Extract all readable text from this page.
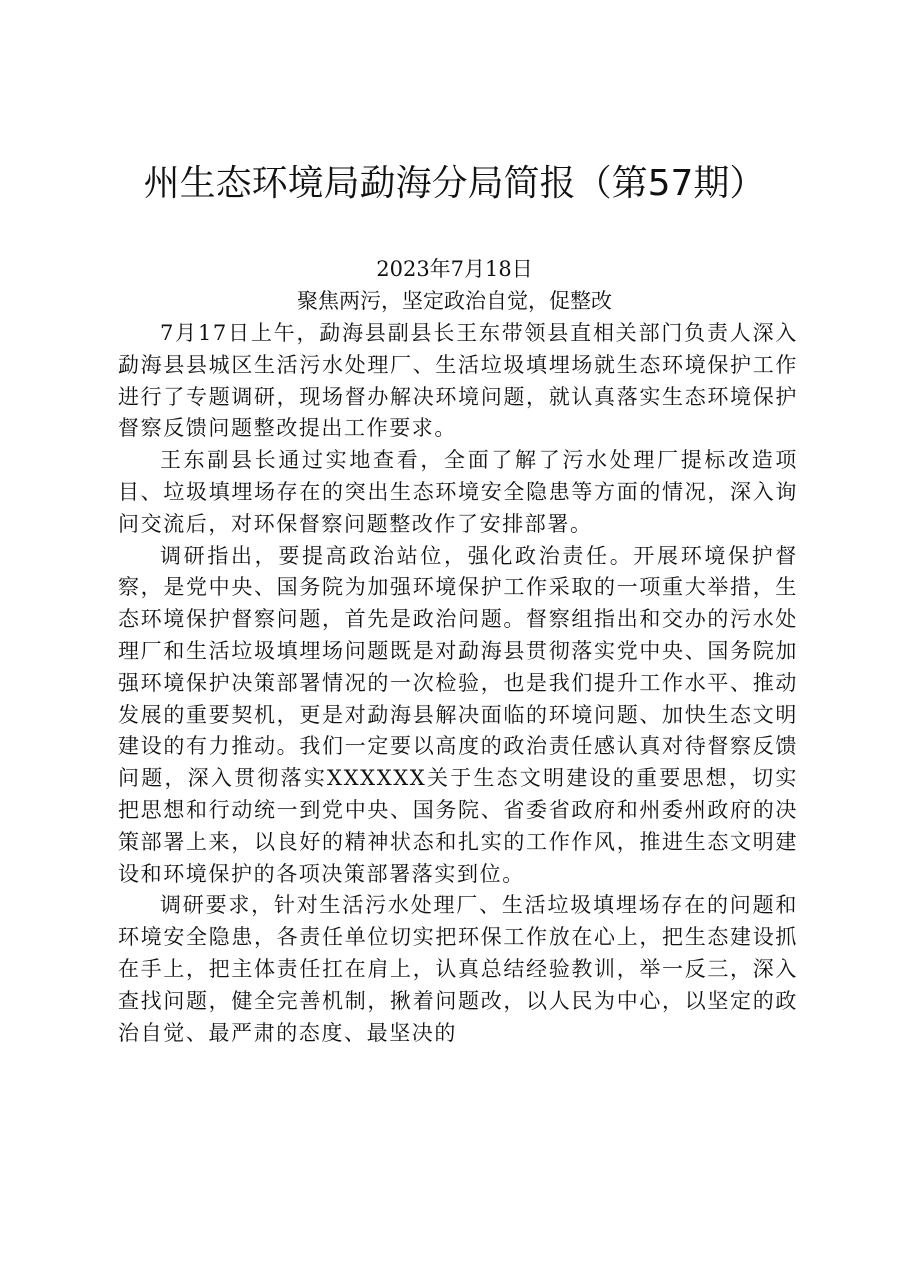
州生态环境局勐海分局简报（第57期）
2023年7月18日
聚焦两污，坚定政治自觉，促整改

7月17日上午，勐海县副县长王东带领县直相关部门负责人深入勐海县县城区生活污水处理厂、生活垃圾填埋场就生态环境保护工作进行了专题调研，现场督办解决环境问题，就认真落实生态环境保护督察反馈问题整改提出工作要求。

王东副县长通过实地查看，全面了解了污水处理厂提标改造项目、垃圾填埋场存在的突出生态环境安全隐患等方面的情况，深入询问交流后，对环保督察问题整改作了安排部署。

调研指出，要提高政治站位，强化政治责任。开展环境保护督察，是党中央、国务院为加强环境保护工作采取的一项重大举措，生态环境保护督察问题，首先是政治问题。督察组指出和交办的污水处理厂和生活垃圾填埋场问题既是对勐海县贯彻落实党中央、国务院加强环境保护决策部署情况的一次检验，也是我们提升工作水平、推动发展的重要契机，更是对勐海县解决面临的环境问题、加快生态文明建设的有力推动。我们一定要以高度的政治责任感认真对待督察反馈问题，深入贯彻落实XXXXXX关于生态文明建设的重要思想，切实把思想和行动统一到党中央、国务院、省委省政府和州委州政府的决策部署上来，以良好的精神状态和扎实的工作作风，推进生态文明建设和环境保护的各项决策部署落实到位。

调研要求，针对生活污水处理厂、生活垃圾填埋场存在的问题和环境安全隐患，各责任单位切实把环保工作放在心上，把生态建设抓在手上，把主体责任扛在肩上，认真总结经验教训，举一反三，深入查找问题，健全完善机制，揪着问题改，以人民为中心，以坚定的政治自觉、最严肃的态度、最坚决的
